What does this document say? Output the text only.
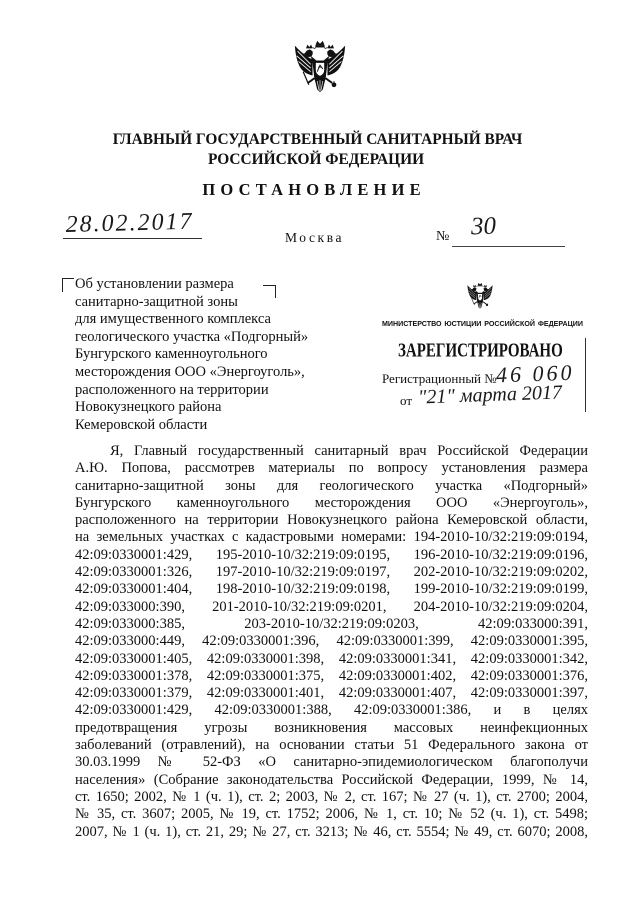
ГЛАВНЫЙ ГОСУДАРСТВЕННЫЙ САНИТАРНЫЙ ВРАЧ
РОССИЙСКОЙ ФЕДЕРАЦИИ
ПОСТАНОВЛЕНИЕ
28.02.2017	Москва	№ 30
Об установлении размера
санитарно-защитной зоны
для имущественного комплекса
геологического участка «Подгорный»
Бунгурского каменноугольного
месторождения ООО «Энергоуголь»,
расположенного на территории
Новокузнецкого района
Кемеровской области
МИНИСТЕРСТВО ЮСТИЦИИ РОССИЙСКОЙ ФЕДЕРАЦИИ
ЗАРЕГИСТРИРОВАНО
Регистрационный №
46 060
от "21" марта 2017
Я, Главный государственный санитарный врач Российской Федерации
А.Ю. Попова, рассмотрев материалы по вопросу установления размера
санитарно-защитной зоны для геологического участка «Подгорный»
Бунгурского каменноугольного месторождения ООО «Энергоуголь»,
расположенного на территории Новокузнецкого района Кемеровской области,
на земельных участках с кадастровыми номерами: 194-2010-10/32:219:09:0194,
42:09:0330001:429, 195-2010-10/32:219:09:0195, 196-2010-10/32:219:09:0196,
42:09:0330001:326, 197-2010-10/32:219:09:0197, 202-2010-10/32:219:09:0202,
42:09:0330001:404, 198-2010-10/32:219:09:0198, 199-2010-10/32:219:09:0199,
42:09:033000:390, 201-2010-10/32:219:09:0201, 204-2010-10/32:219:09:0204,
42:09:033000:385, 203-2010-10/32:219:09:0203, 42:09:033000:391,
42:09:033000:449, 42:09:0330001:396, 42:09:0330001:399, 42:09:0330001:395,
42:09:0330001:405, 42:09:0330001:398, 42:09:0330001:341, 42:09:0330001:342,
42:09:0330001:378, 42:09:0330001:375, 42:09:0330001:402, 42:09:0330001:376,
42:09:0330001:379, 42:09:0330001:401, 42:09:0330001:407, 42:09:0330001:397,
42:09:0330001:429, 42:09:0330001:388, 42:09:0330001:386, и в целях
предотвращения угрозы возникновения массовых неинфекционных
заболеваний (отравлений), на основании статьи 51 Федерального закона от
30.03.1999 № 52-ФЗ «О санитарно-эпидемиологическом благополучи
населения» (Собрание законодательства Российской Федерации, 1999, № 14,
ст. 1650; 2002, № 1 (ч. 1), ст. 2; 2003, № 2, ст. 167; № 27 (ч. 1), ст. 2700; 2004,
№ 35, ст. 3607; 2005, № 19, ст. 1752; 2006, № 1, ст. 10; № 52 (ч. 1), ст. 5498;
2007, № 1 (ч. 1), ст. 21, 29; № 27, ст. 3213; № 46, ст. 5554; № 49, ст. 6070; 2008,
